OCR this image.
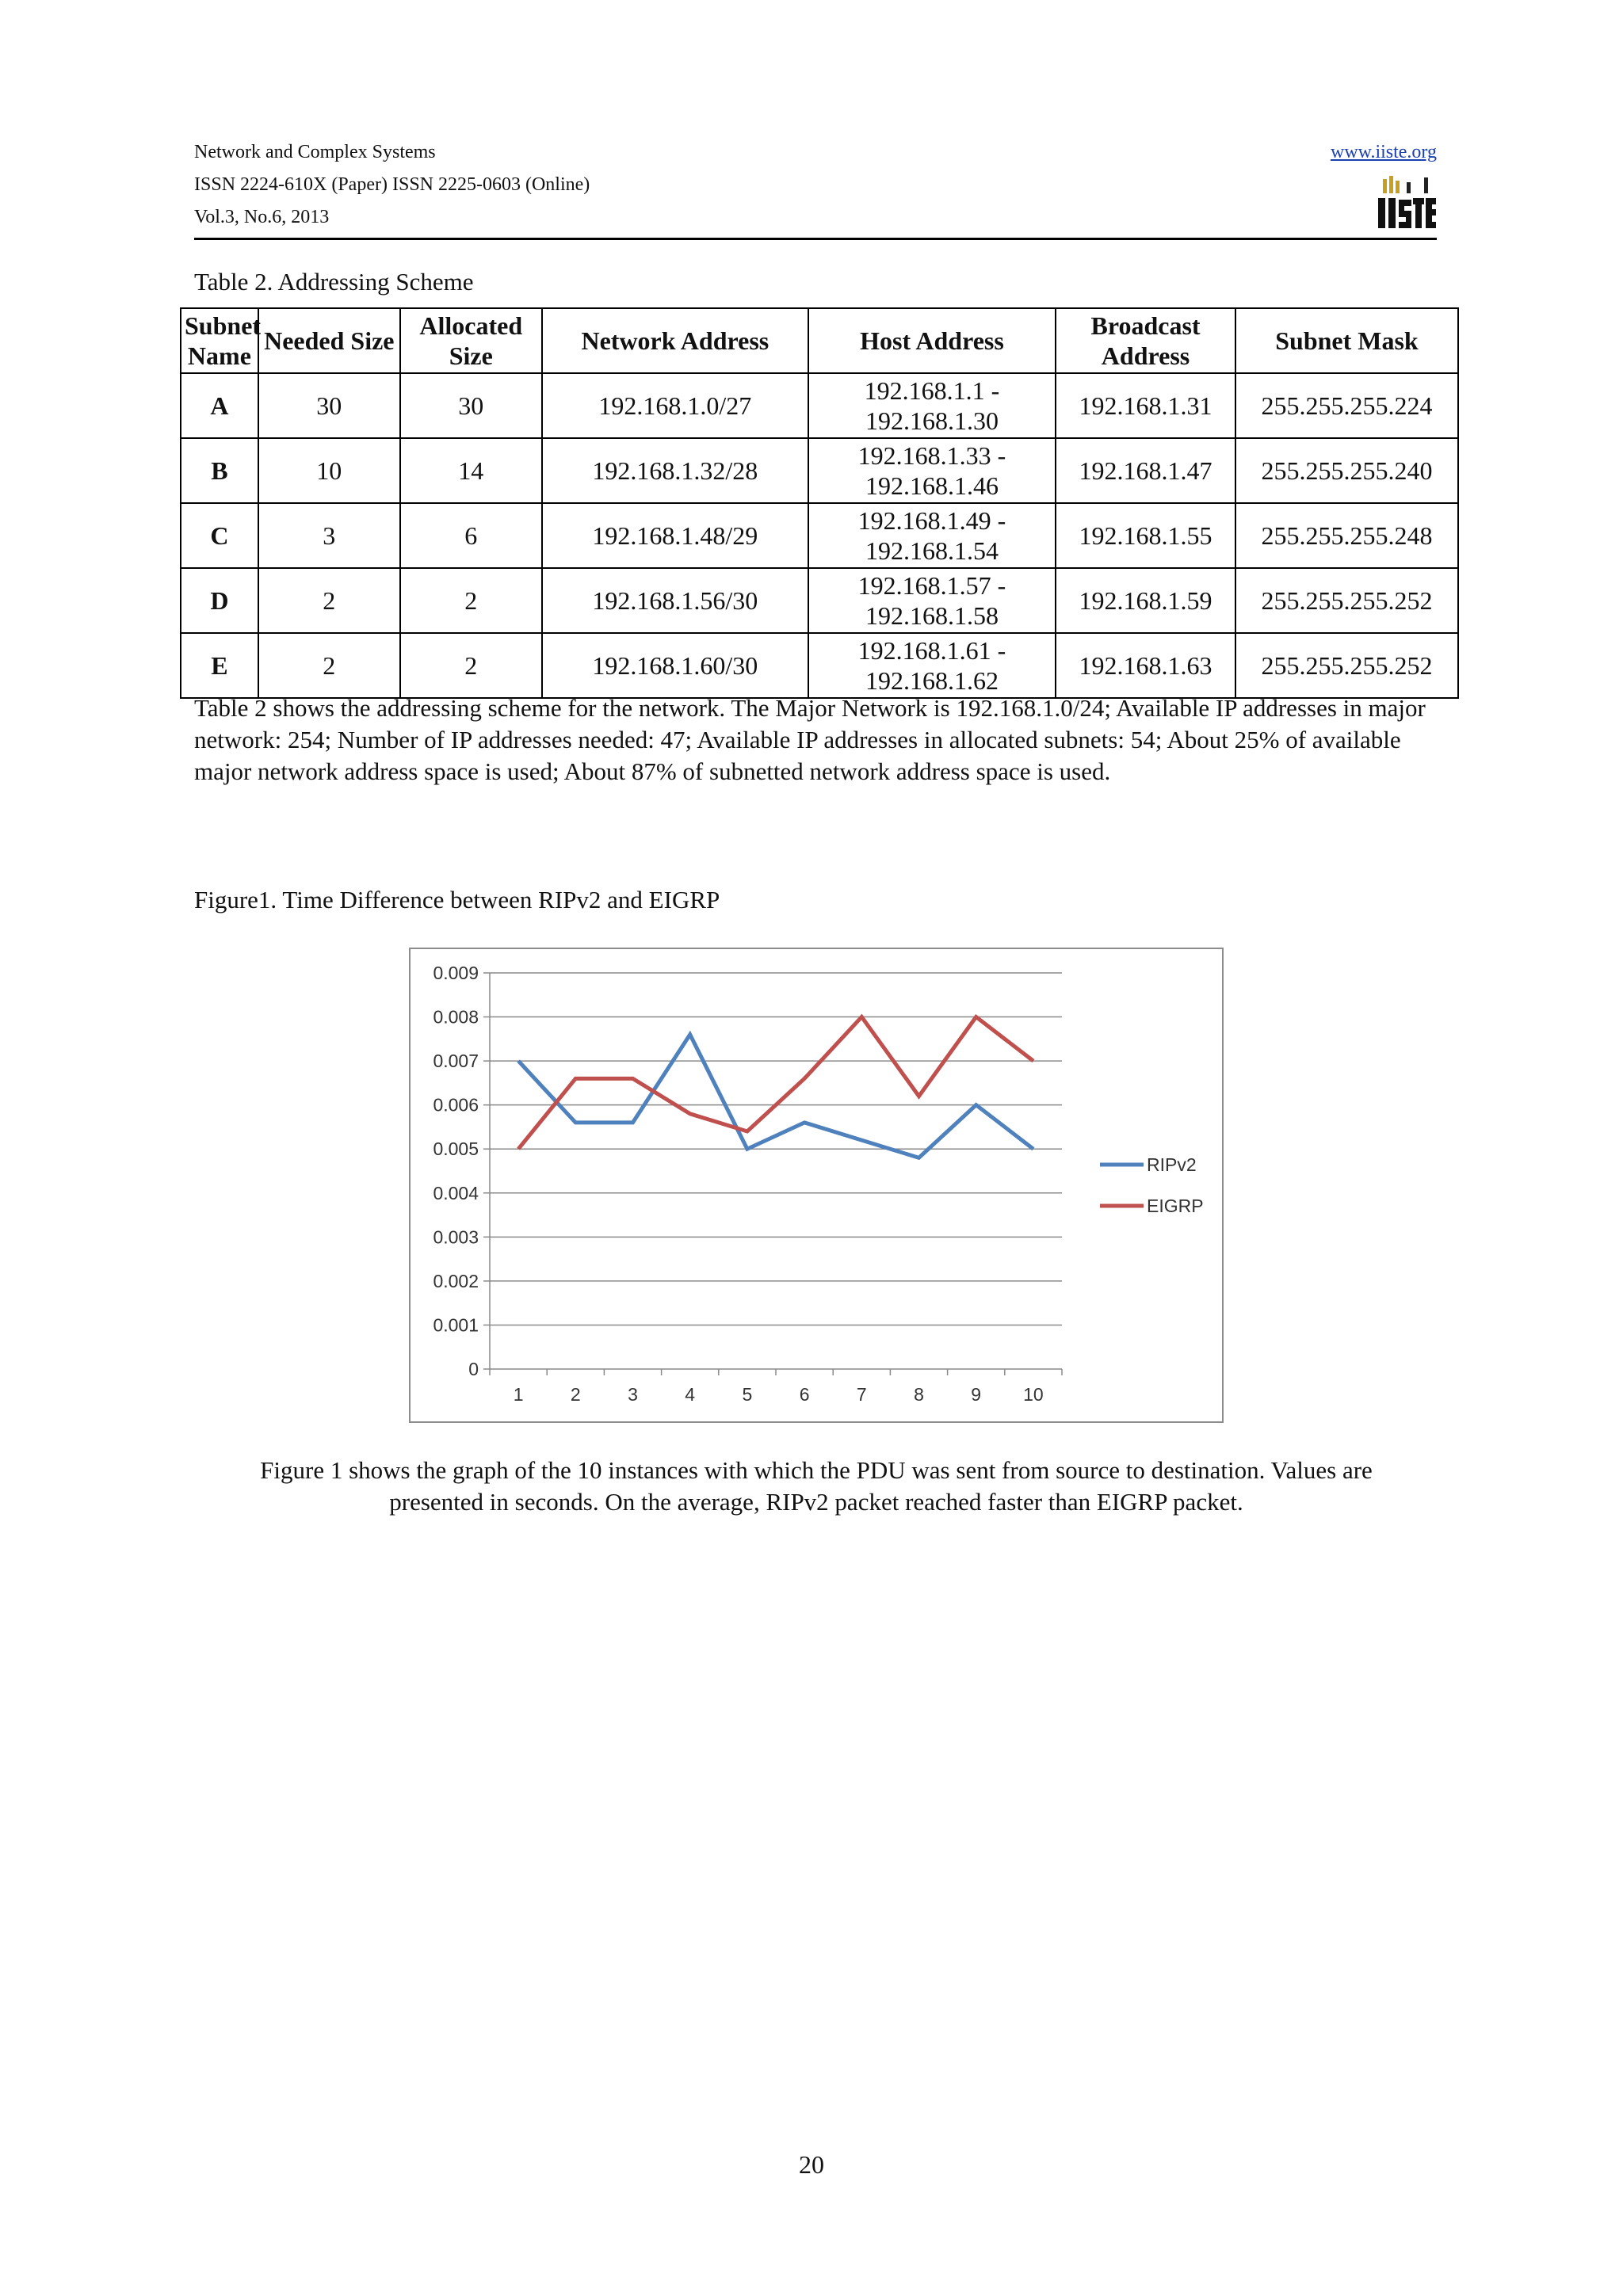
Network and Complex Systems
ISSN 2224-610X (Paper) ISSN 2225-0603 (Online)
Vol.3, No.6, 2013
www.iiste.org
Table 2. Addressing Scheme
Subnet Name	Needed Size	Allocated Size	Network Address	Host Address	Broadcast Address	Subnet Mask
A	30	30	192.168.1.0/27	192.168.1.1 - 192.168.1.30	192.168.1.31	255.255.255.224
B	10	14	192.168.1.32/28	192.168.1.33 - 192.168.1.46	192.168.1.47	255.255.255.240
C	3	6	192.168.1.48/29	192.168.1.49 - 192.168.1.54	192.168.1.55	255.255.255.248
D	2	2	192.168.1.56/30	192.168.1.57 - 192.168.1.58	192.168.1.59	255.255.255.252
E	2	2	192.168.1.60/30	192.168.1.61 - 192.168.1.62	192.168.1.63	255.255.255.252
Table 2 shows the addressing scheme for the network. The Major Network is 192.168.1.0/24; Available IP addresses in major network: 254; Number of IP addresses needed: 47; Available IP addresses in allocated subnets: 54; About 25% of available major network address space is used; About 87% of subnetted network address space is used.
Figure1. Time Difference between RIPv2 and EIGRP
0
0.001
0.002
0.003
0.004
0.005
0.006
0.007
0.008
0.009
1	2	3	4	5	6	7	8	9 10
RIPv2
EIGRP
Figure 1 shows the graph of the 10 instances with which the PDU was sent from source to destination. Values are presented in seconds. On the average, RIPv2 packet reached faster than EIGRP packet.
20
